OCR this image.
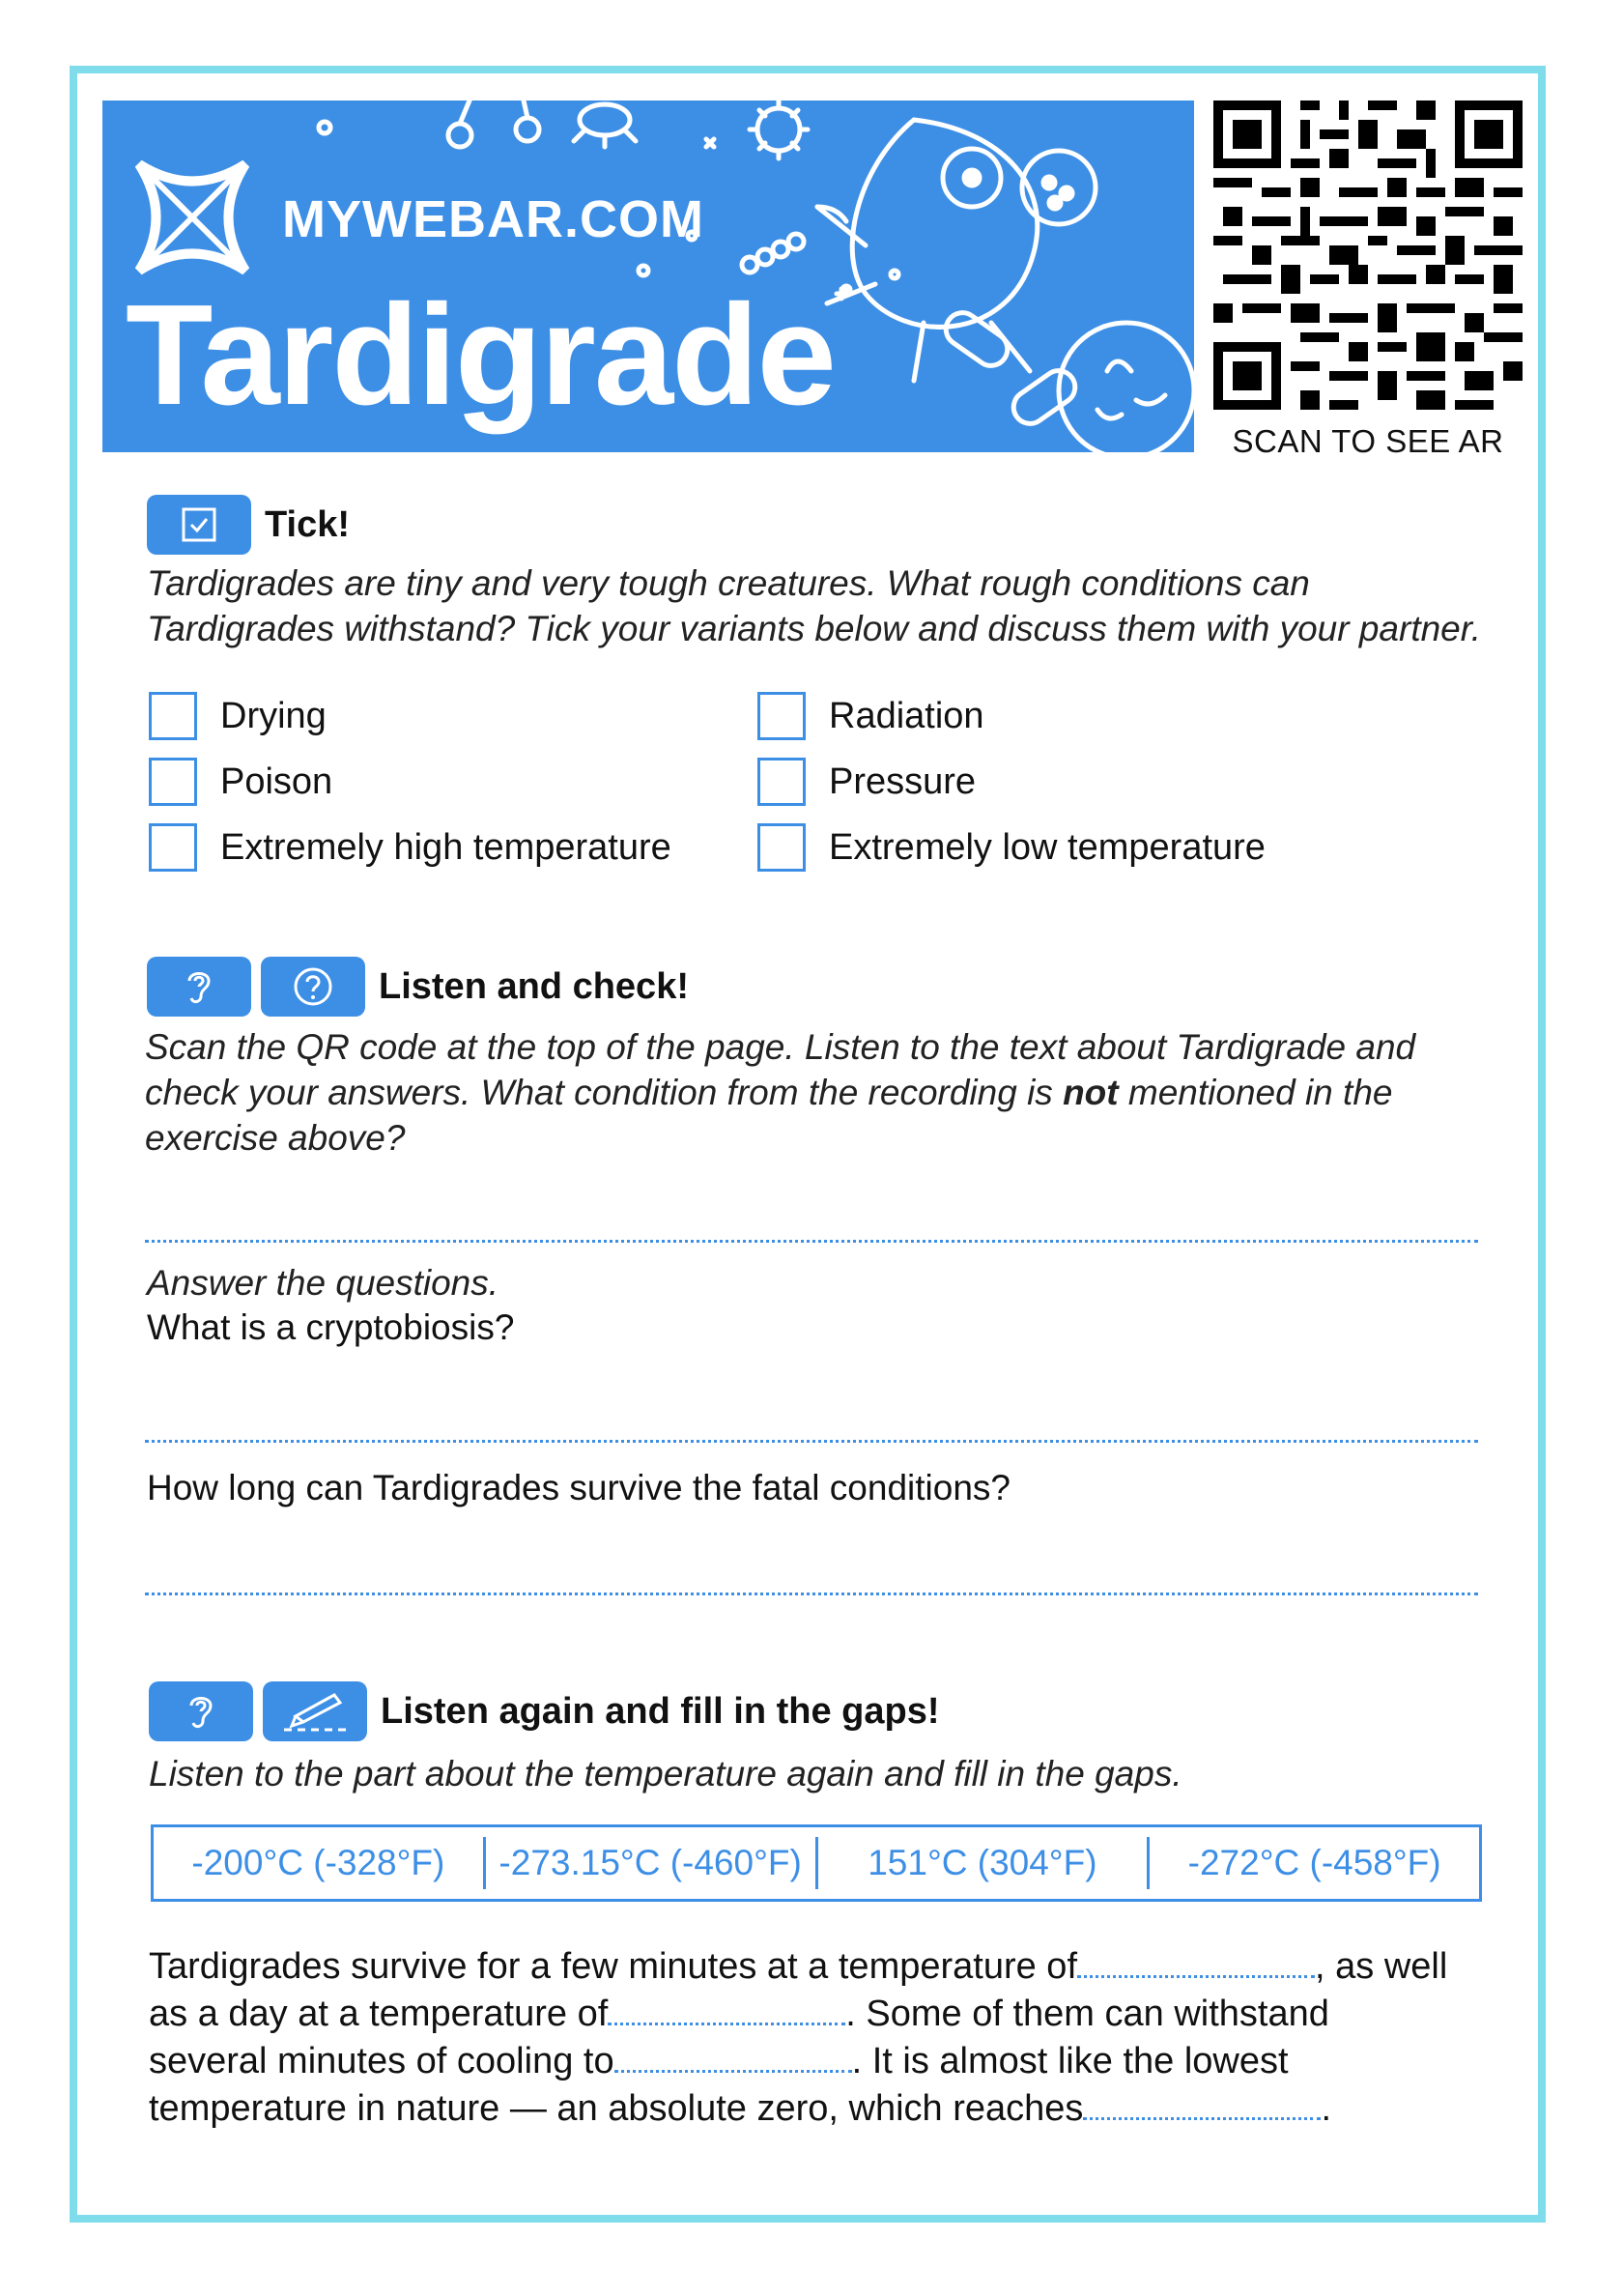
MYWEBAR.COM
Tardigrade
SCAN TO SEE AR
Tick!
Tardigrades are tiny and very tough creatures. What rough conditions can
Tardigrades withstand? Tick your variants below and discuss them with your partner.
Drying
Poison
Extremely high temperature
Radiation
Pressure
Extremely low temperature
Listen and check!
Scan the QR code at the top of the page. Listen to the text about Tardigrade and
check your answers. What condition from the recording is not mentioned in the
exercise above?
Answer the questions.
What is a cryptobiosis?
How long can Tardigrades survive the fatal conditions?
Listen again and fill in the gaps!
Listen to the part about the temperature again and fill in the gaps.
-200°C (-328°F)	-273.15°C (-460°F)	151°C (304°F)	-272°C (-458°F)
Tardigrades survive for a few minutes at a temperature of	, as well
as a day at a temperature of	. Some of them can withstand
several minutes of cooling to	. It is almost like the lowest
temperature in nature — an absolute zero, which reaches	.
